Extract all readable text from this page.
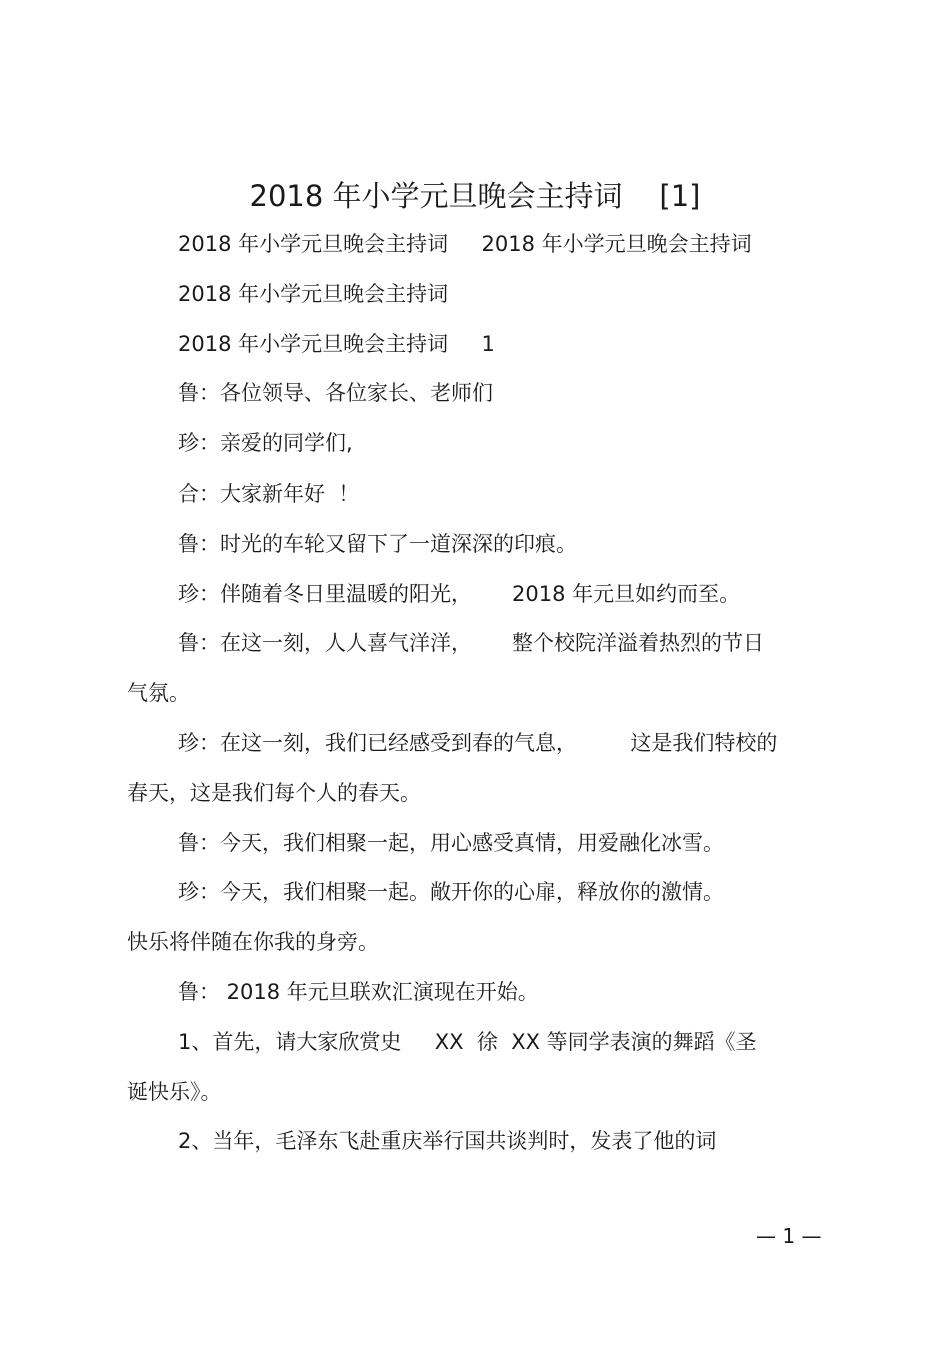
2018 年小学元旦晚会主持词    [1]
2018 年小学元旦晚会主持词     2018 年小学元旦晚会主持词
2018 年小学元旦晚会主持词
2018 年小学元旦晚会主持词     1
鲁：各位领导、各位家长、老师们
珍：亲爱的同学们,
合：大家新年好  ！
鲁：时光的车轮又留下了一道深深的印痕。
珍：伴随着冬日里温暖的阳光，      2018 年元旦如约而至。
鲁：在这一刻，人人喜气洋洋，      整个校院洋溢着热烈的节日
气氛。
珍：在这一刻，我们已经感受到春的气息，        这是我们特校的
春天，这是我们每个人的春天。
鲁：今天，我们相聚一起，用心感受真情，用爱融化冰雪。
珍：今天，我们相聚一起。敞开你的心扉，释放你的激情。
快乐将伴随在你我的身旁。
鲁： 2018 年元旦联欢汇演现在开始。
1、首先，请大家欣赏史     XX  徐  XX 等同学表演的舞蹈《圣
诞快乐》。
2、当年，毛泽东飞赴重庆举行国共谈判时，发表了他的词
— 1 —
